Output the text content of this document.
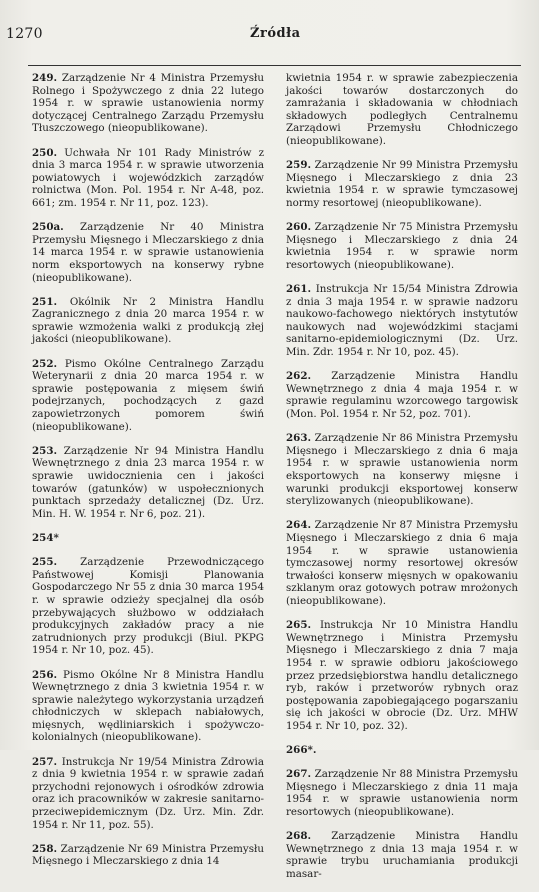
1270	Źródła

249. Zarządzenie Nr 4 Ministra Przemysłu Rolnego i Spożywczego z dnia 22 lutego 1954 r. w sprawie ustanowienia normy dotyczącej Centralnego Zarządu Przemysłu Tłuszczowego (nieopublikowane).

250. Uchwała Nr 101 Rady Ministrów z dnia 3 marca 1954 r. w sprawie utworzenia powiatowych i wojewódzkich zarządów rolnictwa (Mon. Pol. 1954 r. Nr A-48, poz. 661; zm. 1954 r. Nr 11, poz. 123).

250a. Zarządzenie Nr 40 Ministra Przemysłu Mięsnego i Mleczarskiego z dnia 14 marca 1954 r. w sprawie ustanowienia norm eksportowych na konserwy rybne (nieopublikowane).

251. Okólnik Nr 2 Ministra Handlu Zagranicznego z dnia 20 marca 1954 r. w sprawie wzmożenia walki z produkcją złej jakości (nieopublikowane).

252. Pismo Okólne Centralnego Zarządu Weterynarii z dnia 20 marca 1954 r. w sprawie postępowania z mięsem świń podejrzanych, pochodzących z gazd zapowietrzonych pomorem świń (nieopublikowane).

253. Zarządzenie Nr 94 Ministra Handlu Wewnętrznego z dnia 23 marca 1954 r. w sprawie uwidocznienia cen i jakości towarów (gatunków) w uspołecznionych punktach sprzedaży detalicznej (Dz. Urz. Min. H. W. 1954 r. Nr 6, poz. 21).

254*

255. Zarządzenie Przewodniczącego Państwowej Komisji Planowania Gospodarczego Nr 55 z dnia 30 marca 1954 r. w sprawie odzieży specjalnej dla osób przebywających służbowo w oddziałach produkcyjnych zakładów pracy a nie zatrudnionych przy produkcji (Biul. PKPG 1954 r. Nr 10, poz. 45).

256. Pismo Okólne Nr 8 Ministra Handlu Wewnętrznego z dnia 3 kwietnia 1954 r. w sprawie należytego wykorzystania urządzeń chłodniczych w sklepach nabiałowych, mięsnych, wędliniarskich i spożywczo-kolonialnych (nieopublikowane).

257. Instrukcja Nr 19/54 Ministra Zdrowia z dnia 9 kwietnia 1954 r. w sprawie zadań przychodni rejonowych i ośrodków zdrowia oraz ich pracowników w zakresie sanitarno-przeciwepidemicznym (Dz. Urz. Min. Zdr. 1954 r. Nr 11, poz. 55).

258. Zarządzenie Nr 69 Ministra Przemysłu Mięsnego i Mleczarskiego z dnia 14

kwietnia 1954 r. w sprawie zabezpieczenia jakości towarów dostarczonych do zamrażania i składowania w chłodniach składowych podległych Centralnemu Zarządowi Przemysłu Chłodniczego (nieopublikowane).

259. Zarządzenie Nr 99 Ministra Przemysłu Mięsnego i Mleczarskiego z dnia 23 kwietnia 1954 r. w sprawie tymczasowej normy resortowej (nieopublikowane).

260. Zarządzenie Nr 75 Ministra Przemysłu Mięsnego i Mleczarskiego z dnia 24 kwietnia 1954 r. w sprawie norm resortowych (nieopublikowane).

261. Instrukcja Nr 15/54 Ministra Zdrowia z dnia 3 maja 1954 r. w sprawie nadzoru naukowo-fachowego niektórych instytutów naukowych nad wojewódzkimi stacjami sanitarno-epidemiologicznymi (Dz. Urz. Min. Zdr. 1954 r. Nr 10, poz. 45).

262. Zarządzenie Ministra Handlu Wewnętrznego z dnia 4 maja 1954 r. w sprawie regulaminu wzorcowego targowisk (Mon. Pol. 1954 r. Nr 52, poz. 701).

263. Zarządzenie Nr 86 Ministra Przemysłu Mięsnego i Mleczarskiego z dnia 6 maja 1954 r. w sprawie ustanowienia norm eksportowych na konserwy mięsne i warunki produkcji eksportowej konserw sterylizowanych (nieopublikowane).

264. Zarządzenie Nr 87 Ministra Przemysłu Mięsnego i Mleczarskiego z dnia 6 maja 1954 r. w sprawie ustanowienia tymczasowej normy resortowej okresów trwałości konserw mięsnych w opakowaniu szklanym oraz gotowych potraw mrożonych (nieopublikowane).

265. Instrukcja Nr 10 Ministra Handlu Wewnętrznego i Ministra Przemysłu Mięsnego i Mleczarskiego z dnia 7 maja 1954 r. w sprawie odbioru jakościowego przez przedsiębiorstwa handlu detalicznego ryb, raków i przetworów rybnych oraz postępowania zapobiegającego pogarszaniu się ich jakości w obrocie (Dz. Urz. MHW 1954 r. Nr 10, poz. 32).

266*.

267. Zarządzenie Nr 88 Ministra Przemysłu Mięsnego i Mleczarskiego z dnia 11 maja 1954 r. w sprawie ustanowienia norm resortowych (nieopublikowane).

268. Zarządzenie Ministra Handlu Wewnętrznego z dnia 13 maja 1954 r. w sprawie trybu uruchamiania produkcji masar-
